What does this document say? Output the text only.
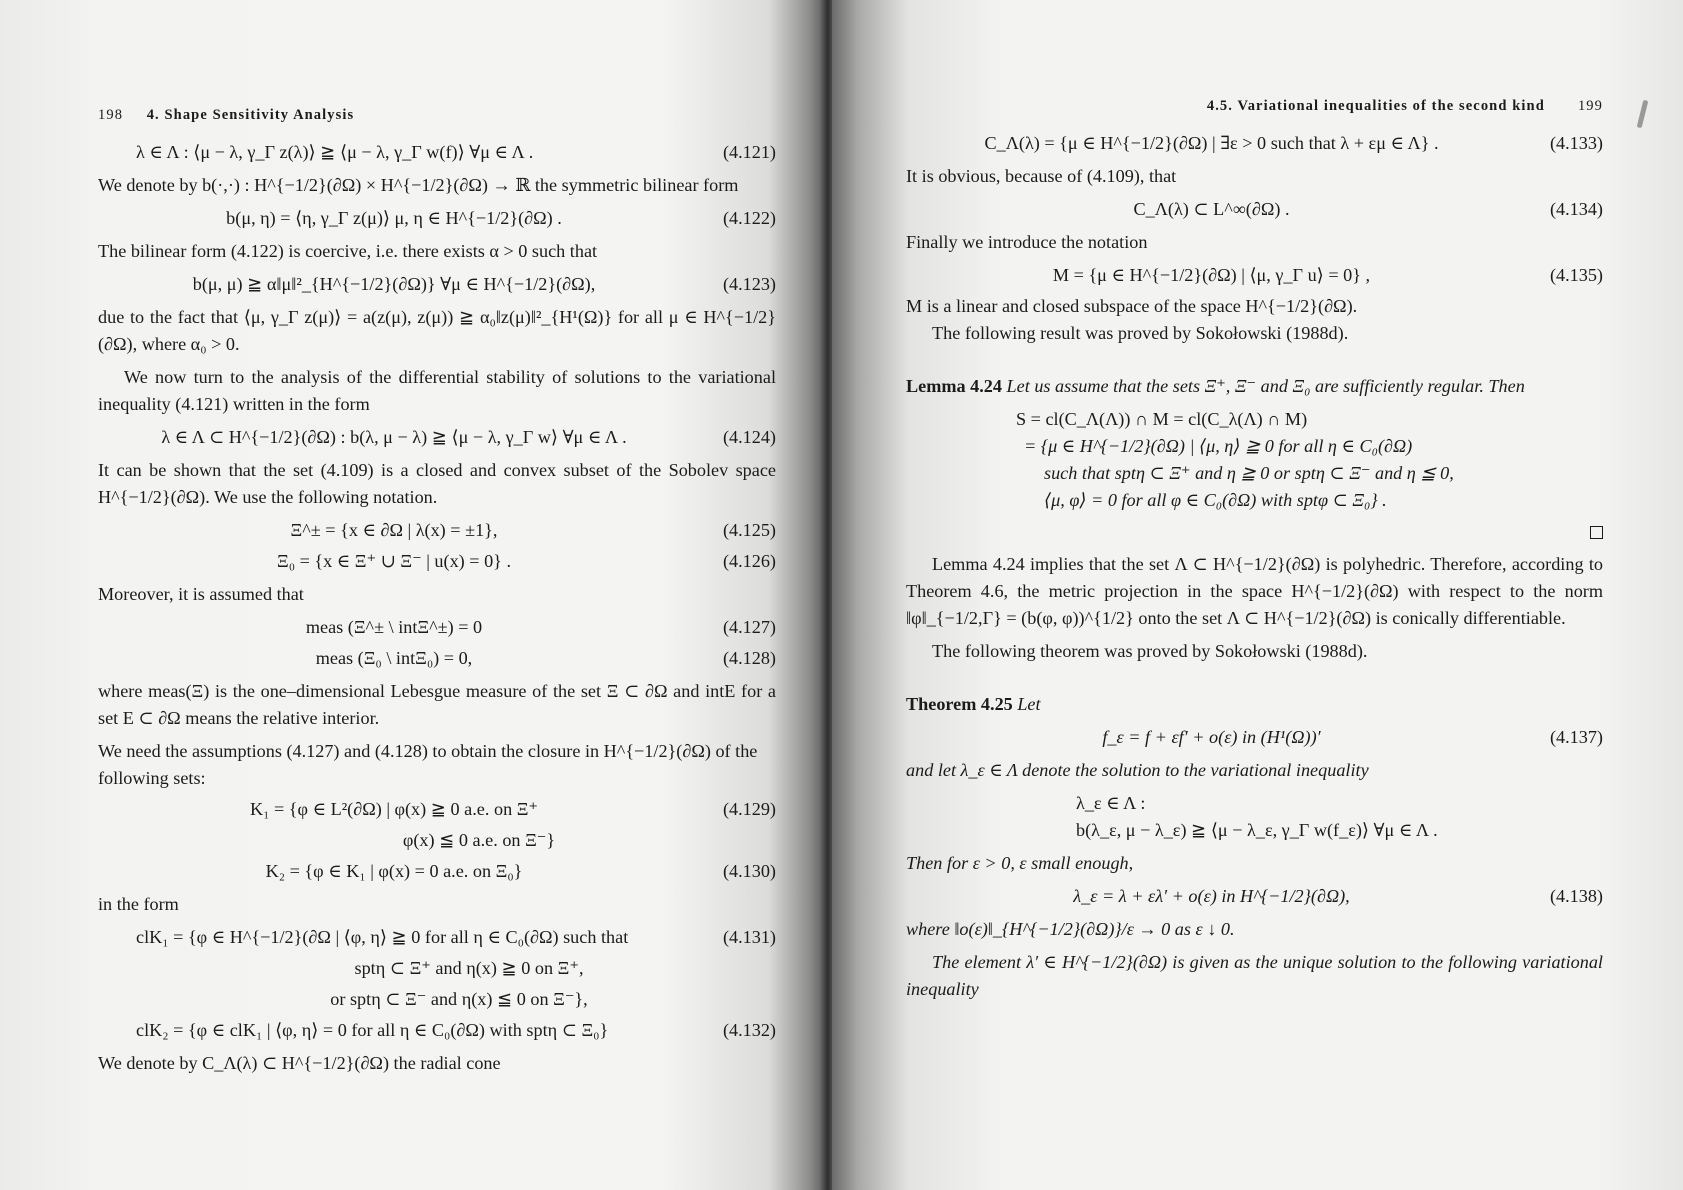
198 4. Shape Sensitivity Analysis
λ ∈ Λ : ⟨μ − λ, γ_Γ z(λ)⟩ ≧ ⟨μ − λ, γ_Γ w(f)⟩ ∀μ ∈ Λ .	(4.121)

We denote by b(·,·) : H^{−1/2}(∂Ω) × H^{−1/2}(∂Ω) → ℝ the symmetric bilinear form

b(μ, η) = ⟨η, γ_Γ z(μ)⟩ μ, η ∈ H^{−1/2}(∂Ω) .	(4.122)

The bilinear form (4.122) is coercive, i.e. there exists α > 0 such that

b(μ, μ) ≧ α‖μ‖²_{H^{−1/2}(∂Ω)} ∀μ ∈ H^{−1/2}(∂Ω),	(4.123)

due to the fact that ⟨μ, γ_Γ z(μ)⟩ = a(z(μ), z(μ)) ≧ α₀‖z(μ)‖²_{H¹(Ω)} for all μ ∈ H^{−1/2}(∂Ω), where α₀ > 0.

We now turn to the analysis of the differential stability of solutions to the variational inequality (4.121) written in the form

λ ∈ Λ ⊂ H^{−1/2}(∂Ω) : b(λ, μ − λ) ≧ ⟨μ − λ, γ_Γ w⟩ ∀μ ∈ Λ .	(4.124)

It can be shown that the set (4.109) is a closed and convex subset of the Sobolev space H^{−1/2}(∂Ω). We use the following notation.

Ξ^± = {x ∈ ∂Ω | λ(x) = ±1},	(4.125)
Ξ₀ = {x ∈ Ξ⁺ ∪ Ξ⁻ | u(x) = 0} .	(4.126)

Moreover, it is assumed that

meas (Ξ^± \ intΞ^±) = 0	(4.127)
meas (Ξ₀ \ intΞ₀) = 0,	(4.128)

where meas(Ξ) is the one–dimensional Lebesgue measure of the set Ξ ⊂ ∂Ω and intE for a set E ⊂ ∂Ω means the relative interior.

We need the assumptions (4.127) and (4.128) to obtain the closure in H^{−1/2}(∂Ω) of the following sets:

K₁ = {φ ∈ L²(∂Ω) | φ(x) ≧ 0 a.e. on Ξ⁺	(4.129)
φ(x) ≦ 0 a.e. on Ξ⁻}
K₂ = {φ ∈ K₁ | φ(x) = 0 a.e. on Ξ₀}	(4.130)

in the form

clK₁ = {φ ∈ H^{−1/2}(∂Ω | ⟨φ, η⟩ ≧ 0 for all η ∈ C₀(∂Ω) such that	(4.131)
sptη ⊂ Ξ⁺ and η(x) ≧ 0 on Ξ⁺,
or sptη ⊂ Ξ⁻ and η(x) ≦ 0 on Ξ⁻},
clK₂ = {φ ∈ clK₁ | ⟨φ, η⟩ = 0 for all η ∈ C₀(∂Ω) with sptη ⊂ Ξ₀}	(4.132)

We denote by C_Λ(λ) ⊂ H^{−1/2}(∂Ω) the radial cone

4.5. Variational inequalities of the second kind 199
C_Λ(λ) = {μ ∈ H^{−1/2}(∂Ω) | ∃ε > 0 such that λ + εμ ∈ Λ} .	(4.133)

It is obvious, because of (4.109), that

C_Λ(λ) ⊂ L^∞(∂Ω) .	(4.134)

Finally we introduce the notation

M = {μ ∈ H^{−1/2}(∂Ω) | ⟨μ, γ_Γ u⟩ = 0} ,	(4.135)

M is a linear and closed subspace of the space H^{−1/2}(∂Ω).

The following result was proved by Sokołowski (1988d).

Lemma 4.24 Let us assume that the sets Ξ⁺, Ξ⁻ and Ξ₀ are sufficiently regular. Then

S = cl(C_Λ(Λ)) ∩ M = cl(C_λ(Λ) ∩ M)
= {μ ∈ H^{−1/2}(∂Ω) | ⟨μ, η⟩ ≧ 0 for all η ∈ C₀(∂Ω)
such that sptη ⊂ Ξ⁺ and η ≧ 0 or sptη ⊂ Ξ⁻ and η ≦ 0,
⟨μ, φ⟩ = 0 for all φ ∈ C₀(∂Ω) with sptφ ⊂ Ξ₀} .

Lemma 4.24 implies that the set Λ ⊂ H^{−1/2}(∂Ω) is polyhedric. Therefore, according to Theorem 4.6, the metric projection in the space H^{−1/2}(∂Ω) with respect to the norm ‖φ‖_{−1/2,Γ} = (b(φ, φ))^{1/2} onto the set Λ ⊂ H^{−1/2}(∂Ω) is conically differentiable.

The following theorem was proved by Sokołowski (1988d).

Theorem 4.25 Let

f_ε = f + εf′ + o(ε) in (H¹(Ω))′	(4.137)

and let λ_ε ∈ Λ denote the solution to the variational inequality

λ_ε ∈ Λ :
b(λ_ε, μ − λ_ε) ≧ ⟨μ − λ_ε, γ_Γ w(f_ε)⟩ ∀μ ∈ Λ .

Then for ε > 0, ε small enough,

λ_ε = λ + ελ′ + o(ε) in H^{−1/2}(∂Ω),	(4.138)

where ‖o(ε)‖_{H^{−1/2}(∂Ω)}/ε → 0 as ε ↓ 0.

The element λ′ ∈ H^{−1/2}(∂Ω) is given as the unique solution to the following variational inequality
